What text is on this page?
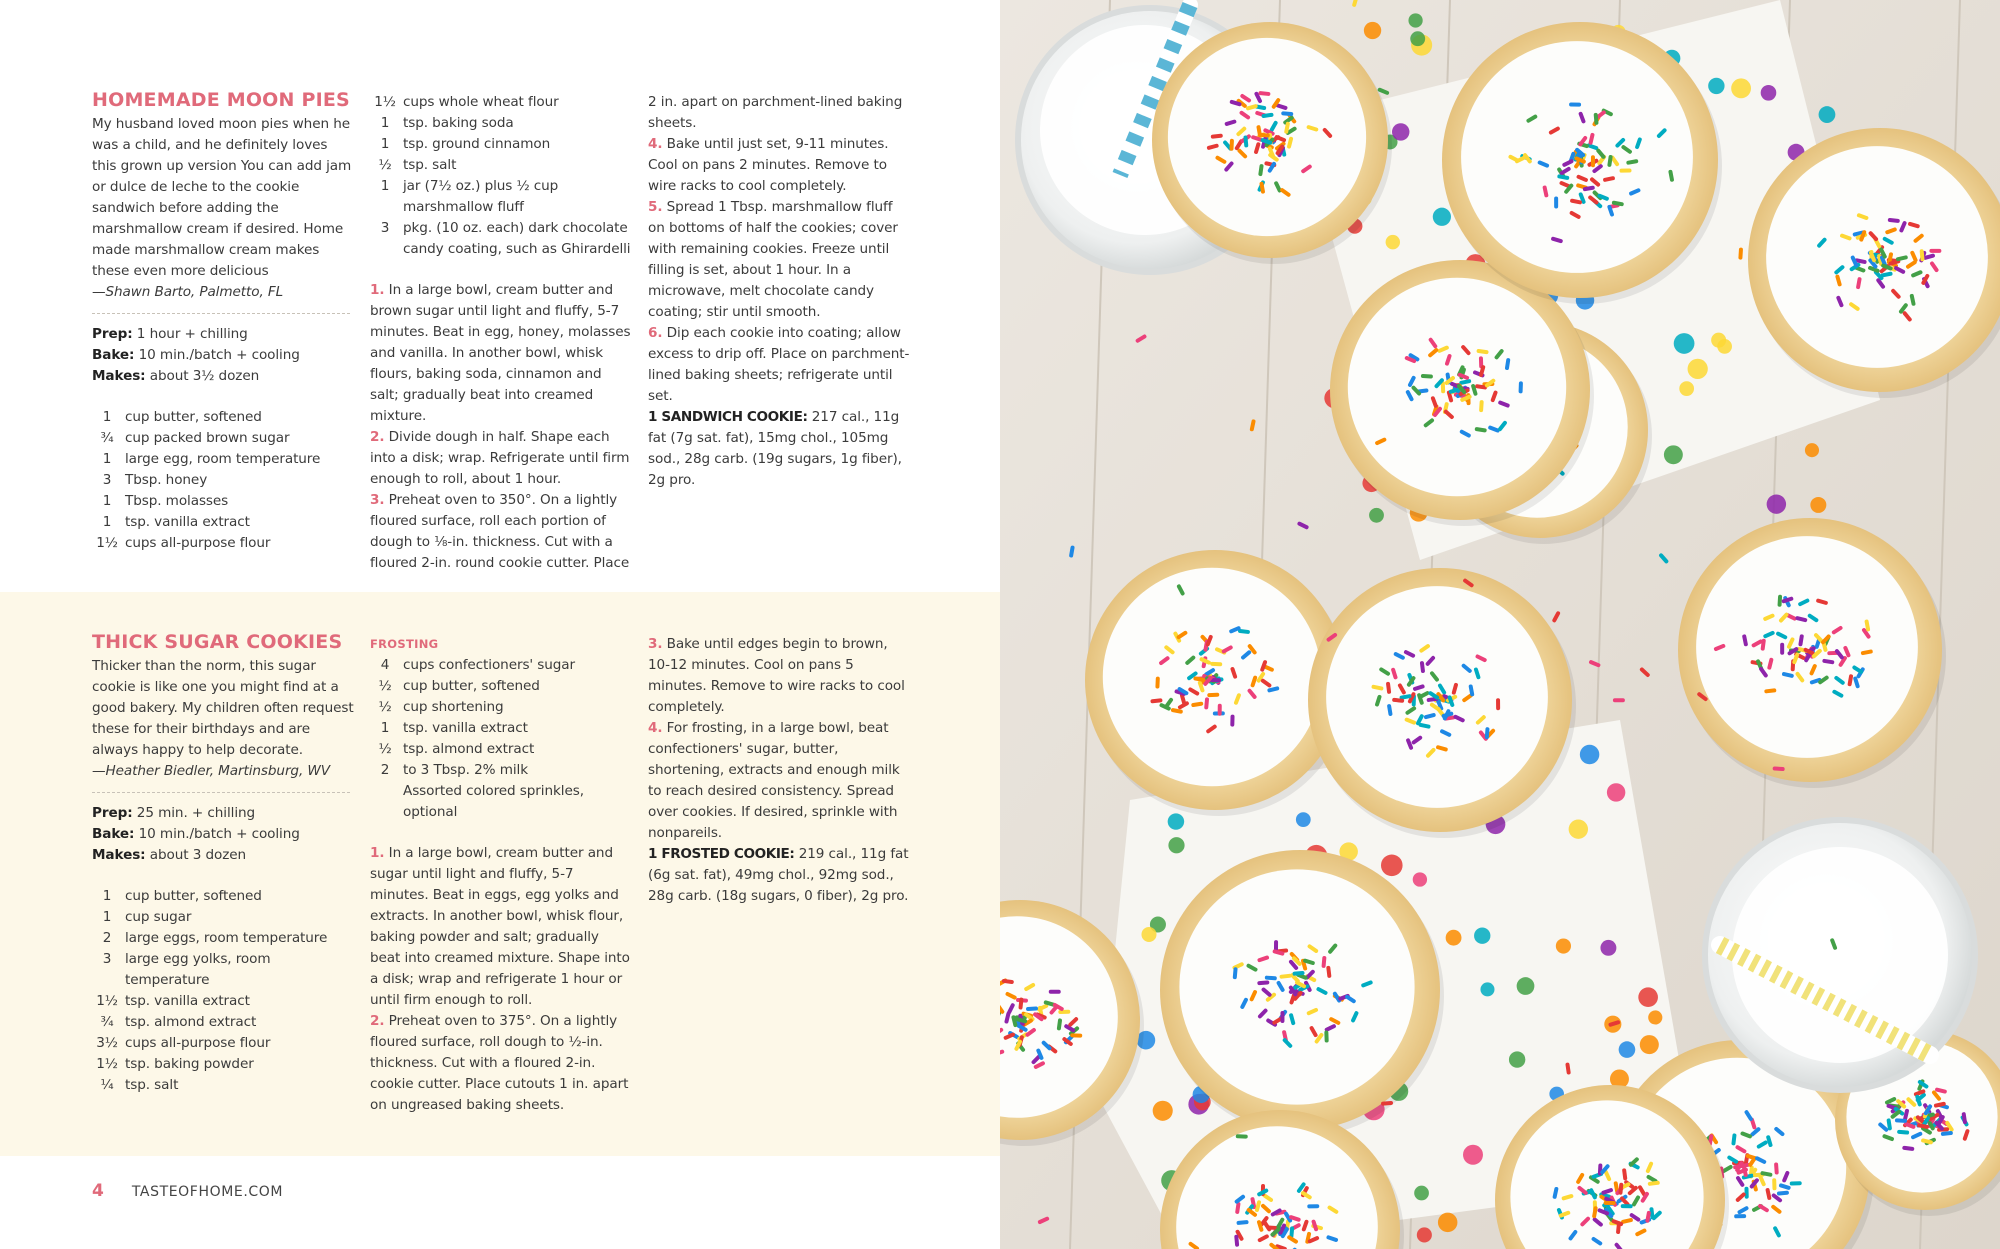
HOMEMADE MOON PIES

My husband loved moon pies when he was a child, and he definitely loves this grown up version You can add jam or dulce de leche to the cookie sandwich before adding the marshmallow cream if desired. Home made marshmallow cream makes these even more delicious

—Shawn Barto, Palmetto, FL

Prep: 1 hour + chilling

Bake: 10 min./batch + cooling

Makes: about 3½ dozen

1	cup butter, softened
¾ cup packed brown sugar
1	large egg, room temperature
3	Tbsp. honey
1	Tbsp. molasses
1	tsp. vanilla extract
1½ cups all-purpose flour
1½ cups whole wheat flour
1	tsp. baking soda
1	tsp. ground cinnamon
½ tsp. salt
1	jar (7½ oz.) plus ½ cup marshmallow fluff
3	pkg. (10 oz. each) dark chocolate candy coating, such as Ghirardelli

1. In a large bowl, cream butter and brown sugar until light and fluffy, 5-7 minutes. Beat in egg, honey, molasses and vanilla. In another bowl, whisk flours, baking soda, cinnamon and salt; gradually beat into creamed mixture.

2. Divide dough in half. Shape each into a disk; wrap. Refrigerate until firm enough to roll, about 1 hour.

3. Preheat oven to 350°. On a lightly floured surface, roll each portion of dough to ⅛-in. thickness. Cut with a floured 2-in. round cookie cutter. Place

2 in. apart on parchment-lined baking sheets.

4. Bake until just set, 9-11 minutes. Cool on pans 2 minutes. Remove to wire racks to cool completely.

5. Spread 1 Tbsp. marshmallow fluff on bottoms of half the cookies; cover with remaining cookies. Freeze until filling is set, about 1 hour. In a microwave, melt chocolate candy coating; stir until smooth.

6. Dip each cookie into coating; allow excess to drip off. Place on parchment-lined baking sheets; refrigerate until set.

1 SANDWICH COOKIE: 217 cal., 11g fat (7g sat. fat), 15mg chol., 105mg sod., 28g carb. (19g sugars, 1g fiber), 2g pro.

THICK SUGAR COOKIES

Thicker than the norm, this sugar cookie is like one you might find at a good bakery. My children often request these for their birthdays and are always happy to help decorate.

—Heather Biedler, Martinsburg, WV

Prep: 25 min. + chilling

Bake: 10 min./batch + cooling

Makes: about 3 dozen

1	cup butter, softened
1	cup sugar
2	large eggs, room temperature
3	large egg yolks, room temperature
1½ tsp. vanilla extract
¾ tsp. almond extract
3½ cups all-purpose flour
1½ tsp. baking powder
¼ tsp. salt
FROSTING
4	cups confectioners' sugar
½ cup butter, softened
½ cup shortening
1	tsp. vanilla extract
½ tsp. almond extract
2	to 3 Tbsp. 2% milk
Assorted colored sprinkles, optional

1. In a large bowl, cream butter and sugar until light and fluffy, 5-7 minutes. Beat in eggs, egg yolks and extracts. In another bowl, whisk flour, baking powder and salt; gradually beat into creamed mixture. Shape into a disk; wrap and refrigerate 1 hour or until firm enough to roll.

2. Preheat oven to 375°. On a lightly floured surface, roll dough to ½-in. thickness. Cut with a floured 2-in. cookie cutter. Place cutouts 1 in. apart on ungreased baking sheets.

3. Bake until edges begin to brown, 10-12 minutes. Cool on pans 5 minutes. Remove to wire racks to cool completely.

4. For frosting, in a large bowl, beat confectioners' sugar, butter, shortening, extracts and enough milk to reach desired consistency. Spread over cookies. If desired, sprinkle with nonpareils.

1 FROSTED COOKIE: 219 cal., 11g fat (6g sat. fat), 49mg chol., 92mg sod., 28g carb. (18g sugars, 0 fiber), 2g pro.

4 TASTEOFHOME.COM
